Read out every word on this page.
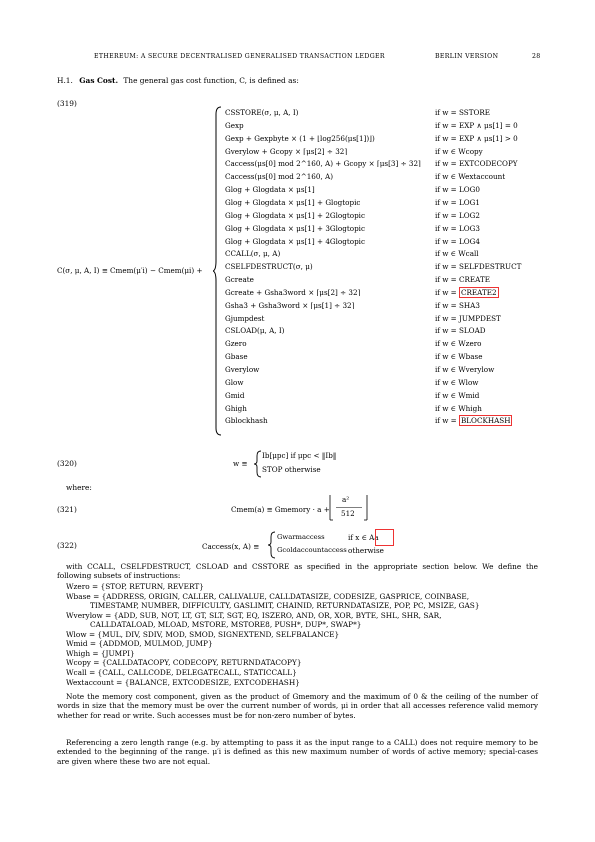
ETHEREUM: A SECURE DECENTRALISED GENERALISED TRANSACTION LEDGER	BERLIN VERSION	28
H.1. Gas Cost. The general gas cost function, C, is defined as:
(319)
C(σ, μ, A, I) ≡ Cmem(μ′i) − Cmem(μi) +
CSSTORE(σ, μ, A, I)	if w = SSTORE
Gexp	if w = EXP ∧ μs[1] = 0
Gexp + Gexpbyte × (1 + ⌊log256(μs[1])⌋)	if w = EXP ∧ μs[1] > 0
Gverylow + Gcopy × ⌈μs[2] ÷ 32⌉	if w ∈ Wcopy
Caccess(μs[0] mod 2^160, A) + Gcopy × ⌈μs[3] ÷ 32⌉ if w = EXTCODECOPY
Caccess(μs[0] mod 2^160, A)	if w ∈ Wextaccount
Glog + Glogdata × μs[1]	if w = LOG0
Glog + Glogdata × μs[1] + Glogtopic	if w = LOG1
Glog + Glogdata × μs[1] + 2Glogtopic	if w = LOG2
Glog + Glogdata × μs[1] + 3Glogtopic	if w = LOG3
Glog + Glogdata × μs[1] + 4Glogtopic	if w = LOG4
CCALL(σ, μ, A)	if w ∈ Wcall
CSELFDESTRUCT(σ, μ)	if w = SELFDESTRUCT
Gcreate	if w = CREATE
Gcreate + Gsha3word × ⌈μs[2] ÷ 32⌉	if w = CREATE2
Gsha3 + Gsha3word × ⌈μs[1] ÷ 32⌉	if w = SHA3
Gjumpdest	if w = JUMPDEST
CSLOAD(μ, A, I)	if w = SLOAD
Gzero	if w ∈ Wzero
Gbase	if w ∈ Wbase
Gverylow	if w ∈ Wverylow
Glow	if w ∈ Wlow
Gmid	if w ∈ Wmid
Ghigh	if w ∈ Whigh
Gblockhash	if w = BLOCKHASH
(320)	w ≡
Ib[μpc] if μpc < ‖Ib‖
STOP otherwise
where:
(321)	Cmem(a) ≡ Gmemory · a +
a²
512
(322)	Caccess(x, A) ≡
Gwarmaccess	if x ∈ Aa
Gcoldaccountaccess otherwise
with CCALL, CSELFDESTRUCT, CSLOAD and CSSTORE as specified in the appropriate section below. We define the following subsets of instructions:
Wzero = {STOP, RETURN, REVERT}
Wbase = {ADDRESS, ORIGIN, CALLER, CALLVALUE, CALLDATASIZE, CODESIZE, GASPRICE, COINBASE,
TIMESTAMP, NUMBER, DIFFICULTY, GASLIMIT, CHAINID, RETURNDATASIZE, POP, PC, MSIZE, GAS}
Wverylow = {ADD, SUB, NOT, LT, GT, SLT, SGT, EQ, ISZERO, AND, OR, XOR, BYTE, SHL, SHR, SAR,
CALLDATALOAD, MLOAD, MSTORE, MSTORE8, PUSH*, DUP*, SWAP*}
Wlow = {MUL, DIV, SDIV, MOD, SMOD, SIGNEXTEND, SELFBALANCE}
Wmid = {ADDMOD, MULMOD, JUMP}
Whigh = {JUMPI}
Wcopy = {CALLDATACOPY, CODECOPY, RETURNDATACOPY}
Wcall = {CALL, CALLCODE, DELEGATECALL, STATICCALL}
Wextaccount = {BALANCE, EXTCODESIZE, EXTCODEHASH}
Note the memory cost component, given as the product of Gmemory and the maximum of 0 & the ceiling of the number of words in size that the memory must be over the current number of words, μi in order that all accesses reference valid memory whether for read or write. Such accesses must be for non-zero number of bytes.
Referencing a zero length range (e.g. by attempting to pass it as the input range to a CALL) does not require memory to be extended to the beginning of the range. μ′i is defined as this new maximum number of words of active memory; special-cases are given where these two are not equal.
